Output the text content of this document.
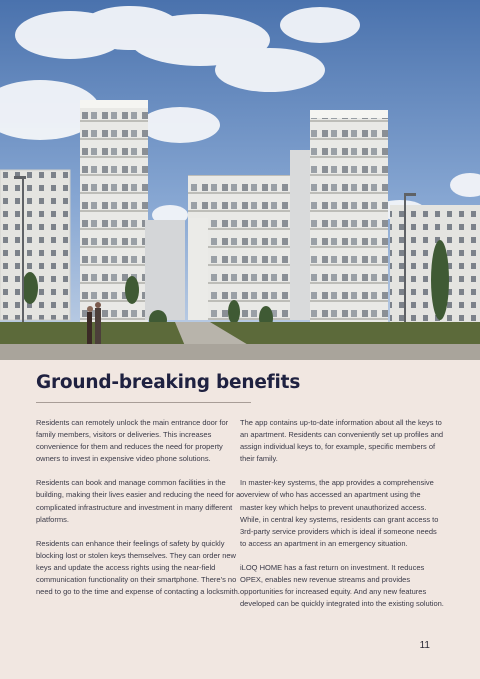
Ground-breaking benefits

Residents can remotely unlock the main entrance door for family members, visitors or deliveries. This increases convenience for them and reduces the need for property owners to invest in expensive video phone solutions.

Residents can book and manage common facilities in the building, making their lives easier and reducing the need for a complicated infrastructure and investment in many different platforms.

Residents can enhance their feelings of safety by quickly blocking lost or stolen keys themselves. They can order new keys and update the access rights using the near-field communication functionality on their smartphone. There’s no need to go to the time and expense of contacting a locksmith.

The app contains up-to-date information about all the keys to an apartment. Residents can conveniently set up profiles and assign individual keys to, for example, specific members of their family.

In master-key systems, the app provides a comprehensive overview of who has accessed an apartment using the master key which helps to prevent unauthorized access. While, in central key systems, residents can grant access to 3rd-party service providers which is ideal if someone needs to access an apartment in an emergency situation.

iLOQ HOME has a fast return on investment. It reduces OPEX, enables new revenue streams and provides opportunities for increased equity. And any new features developed can be quickly integrated into the existing solution.

11
